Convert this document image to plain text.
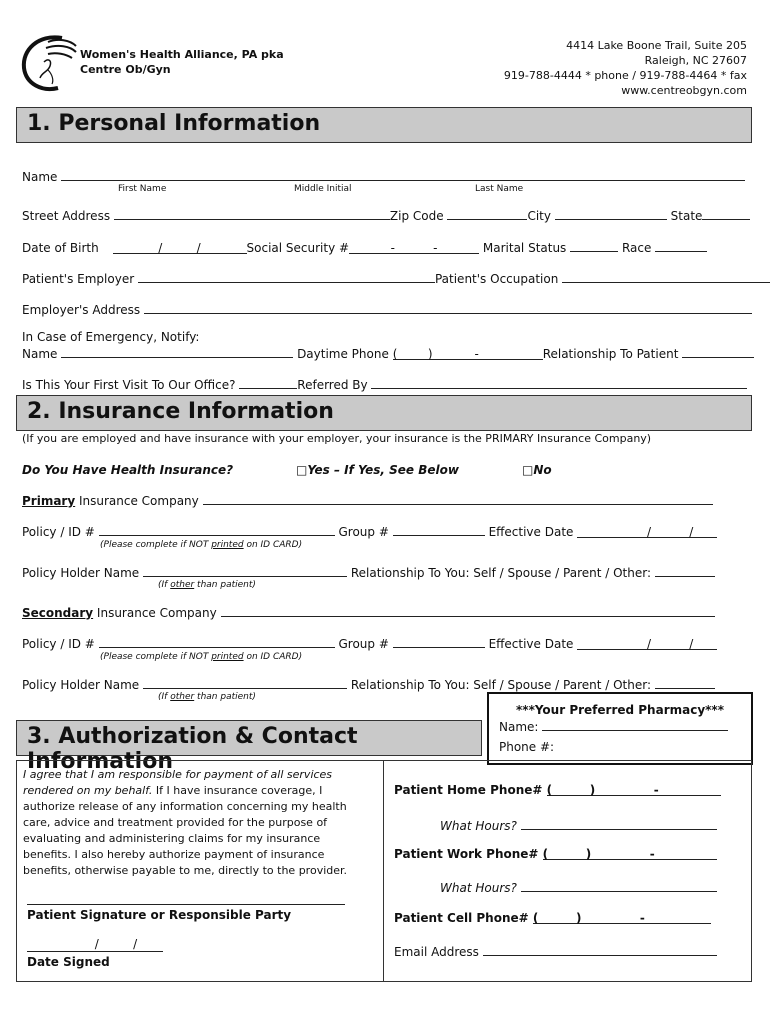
Women's Health Alliance, PA pka
Centre Ob/Gyn
4414 Lake Boone Trail, Suite 205
Raleigh, NC 27607
919-788-4444 * phone / 919-788-4464 * fax
www.centreobgyn.com
1. Personal Information
Name
First Name	Middle Initial	Last Name
Street Address	Zip Code	City	State
Date of Birth	/         /	Social Security #	-          -	Marital Status	Race
Patient's Employer	Patient's Occupation
Employer's Address
In Case of Emergency, Notify:
Name	Daytime Phone (        )           -	Relationship To Patient
Is This Your First Visit To Our Office?	Referred By
2. Insurance Information
(If you are employed and have insurance with your employer, your insurance is the PRIMARY Insurance Company)
Do You Have Health Insurance?	□Yes – If Yes, See Below	□No
Primary Insurance Company
Policy / ID #	Group #	Effective Date             /          /
(Please complete if NOT printed on ID CARD)
Policy Holder Name	Relationship To You: Self / Spouse / Parent / Other:
(If other than patient)
Secondary Insurance Company
Policy / ID #	Group #	Effective Date             /          /
(Please complete if NOT printed on ID CARD)
Policy Holder Name	Relationship To You: Self / Spouse / Parent / Other:
(If other than patient)
3. Authorization & Contact Information
***Your Preferred Pharmacy***
Name:
Phone #:
I agree that I am responsible for payment of all services rendered on my behalf. If I have insurance coverage, I authorize release of any information concerning my health care, advice and treatment provided for the purpose of evaluating and administering claims for my insurance benefits. I also hereby authorize payment of insurance benefits, otherwise payable to me, directly to the provider.
Patient Signature or Responsible Party
/         /
Date Signed
Patient Home Phone# (         )              -
What Hours?
Patient Work Phone# (         )              -
What Hours?
Patient Cell Phone# (         )              -
Email Address
